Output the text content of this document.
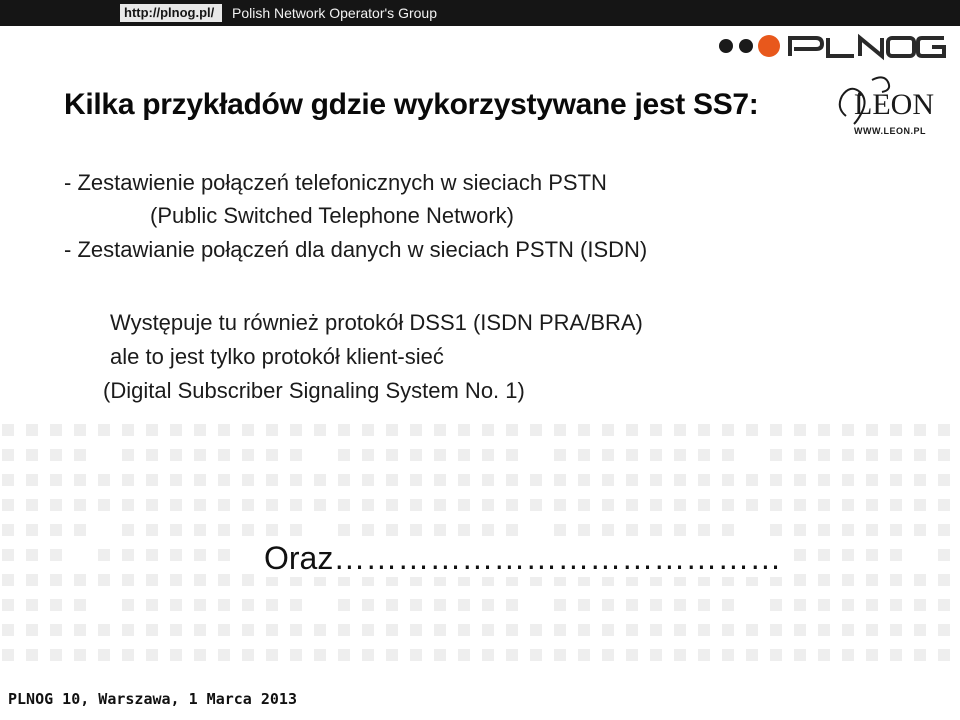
http://plnog.pl/	Polish Network Operator's Group
LEON
WWW.LEON.PL
Kilka przykładów gdzie wykorzystywane jest SS7:
- Zestawienie połączeń telefonicznych w sieciach PSTN
(Public Switched Telephone Network)
- Zestawianie połączeń dla danych w sieciach PSTN (ISDN)
Występuje tu również protokół DSS1 (ISDN PRA/BRA)
ale to jest tylko protokół klient-sieć
(Digital Subscriber Signaling System No. 1)
Oraz……………………………………
PLNOG 10, Warszawa, 1 Marca 2013
